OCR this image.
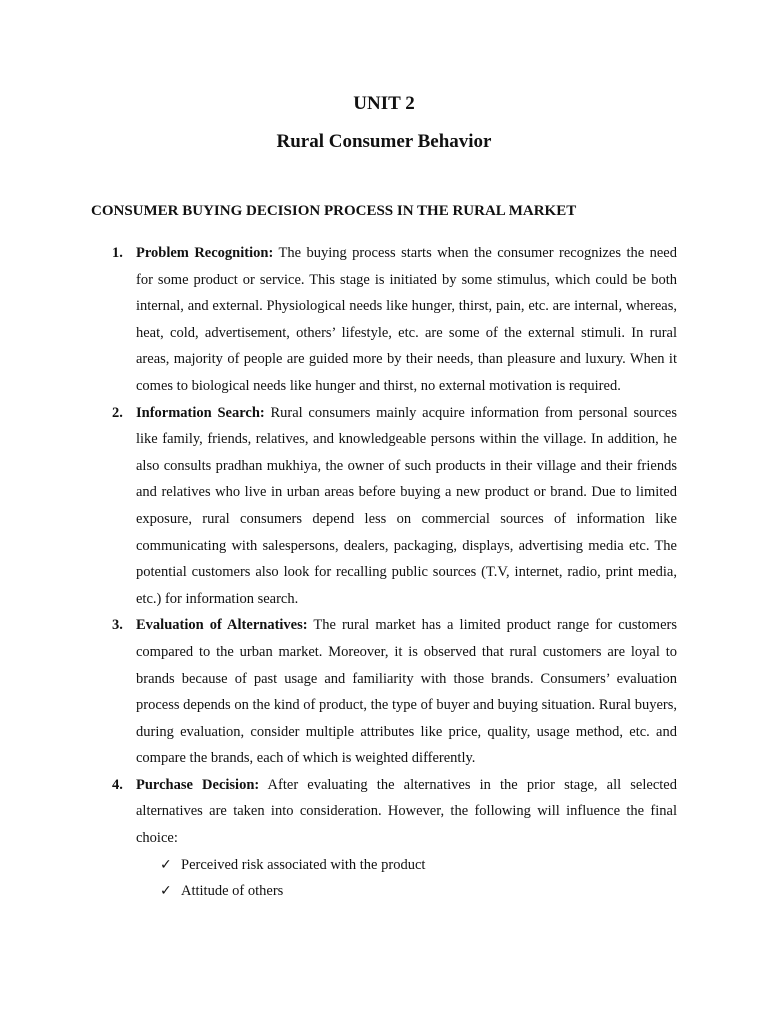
UNIT 2
Rural Consumer Behavior
CONSUMER BUYING DECISION PROCESS IN THE RURAL MARKET
1. Problem Recognition: The buying process starts when the consumer recognizes the need for some product or service. This stage is initiated by some stimulus, which could be both internal, and external. Physiological needs like hunger, thirst, pain, etc. are internal, whereas, heat, cold, advertisement, others’ lifestyle, etc. are some of the external stimuli. In rural areas, majority of people are guided more by their needs, than pleasure and luxury. When it comes to biological needs like hunger and thirst, no external motivation is required.
2. Information Search: Rural consumers mainly acquire information from personal sources like family, friends, relatives, and knowledgeable persons within the village. In addition, he also consults pradhan mukhiya, the owner of such products in their village and their friends and relatives who live in urban areas before buying a new product or brand. Due to limited exposure, rural consumers depend less on commercial sources of information like communicating with salespersons, dealers, packaging, displays, advertising media etc. The potential customers also look for recalling public sources (T.V, internet, radio, print media, etc.) for information search.
3. Evaluation of Alternatives: The rural market has a limited product range for customers compared to the urban market. Moreover, it is observed that rural customers are loyal to brands because of past usage and familiarity with those brands. Consumers’ evaluation process depends on the kind of product, the type of buyer and buying situation. Rural buyers, during evaluation, consider multiple attributes like price, quality, usage method, etc. and compare the brands, each of which is weighted differently.
4. Purchase Decision: After evaluating the alternatives in the prior stage, all selected alternatives are taken into consideration. However, the following will influence the final choice:
✓ Perceived risk associated with the product
✓ Attitude of others
